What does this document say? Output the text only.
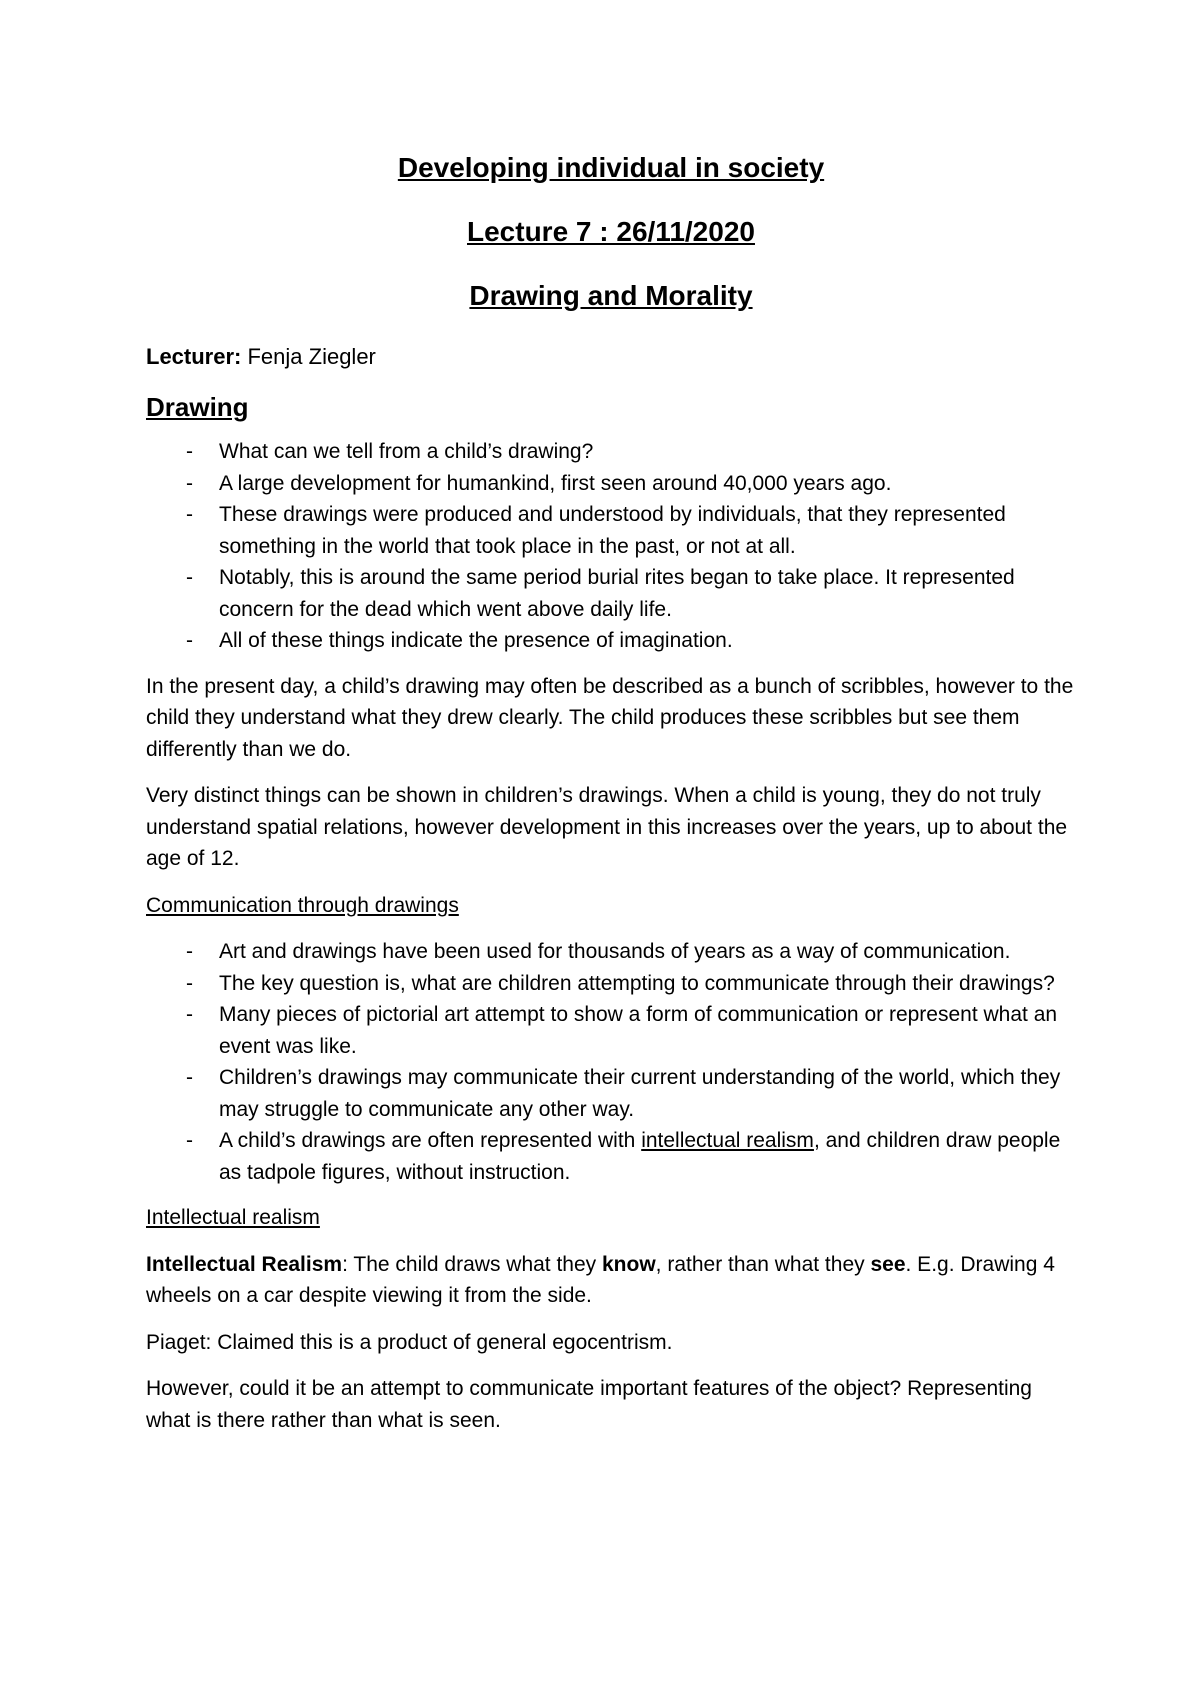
Developing individual in society
Lecture 7 : 26/11/2020
Drawing and Morality
Lecturer: Fenja Ziegler
Drawing
- What can we tell from a child’s drawing?
- A large development for humankind, first seen around 40,000 years ago.
- These drawings were produced and understood by individuals, that they represented something in the world that took place in the past, or not at all.
- Notably, this is around the same period burial rites began to take place. It represented concern for the dead which went above daily life.
- All of these things indicate the presence of imagination.

In the present day, a child’s drawing may often be described as a bunch of scribbles, however to the child they understand what they drew clearly. The child produces these scribbles but see them differently than we do.

Very distinct things can be shown in children’s drawings. When a child is young, they do not truly understand spatial relations, however development in this increases over the years, up to about the age of 12.

Communication through drawings
- Art and drawings have been used for thousands of years as a way of communication.
- The key question is, what are children attempting to communicate through their drawings?
- Many pieces of pictorial art attempt to show a form of communication or represent what an event was like.
- Children’s drawings may communicate their current understanding of the world, which they may struggle to communicate any other way.
- A child’s drawings are often represented with intellectual realism, and children draw people as tadpole figures, without instruction.
Intellectual realism

Intellectual Realism: The child draws what they know, rather than what they see. E.g. Drawing 4 wheels on a car despite viewing it from the side.

Piaget: Claimed this is a product of general egocentrism.

However, could it be an attempt to communicate important features of the object? Representing what is there rather than what is seen.
